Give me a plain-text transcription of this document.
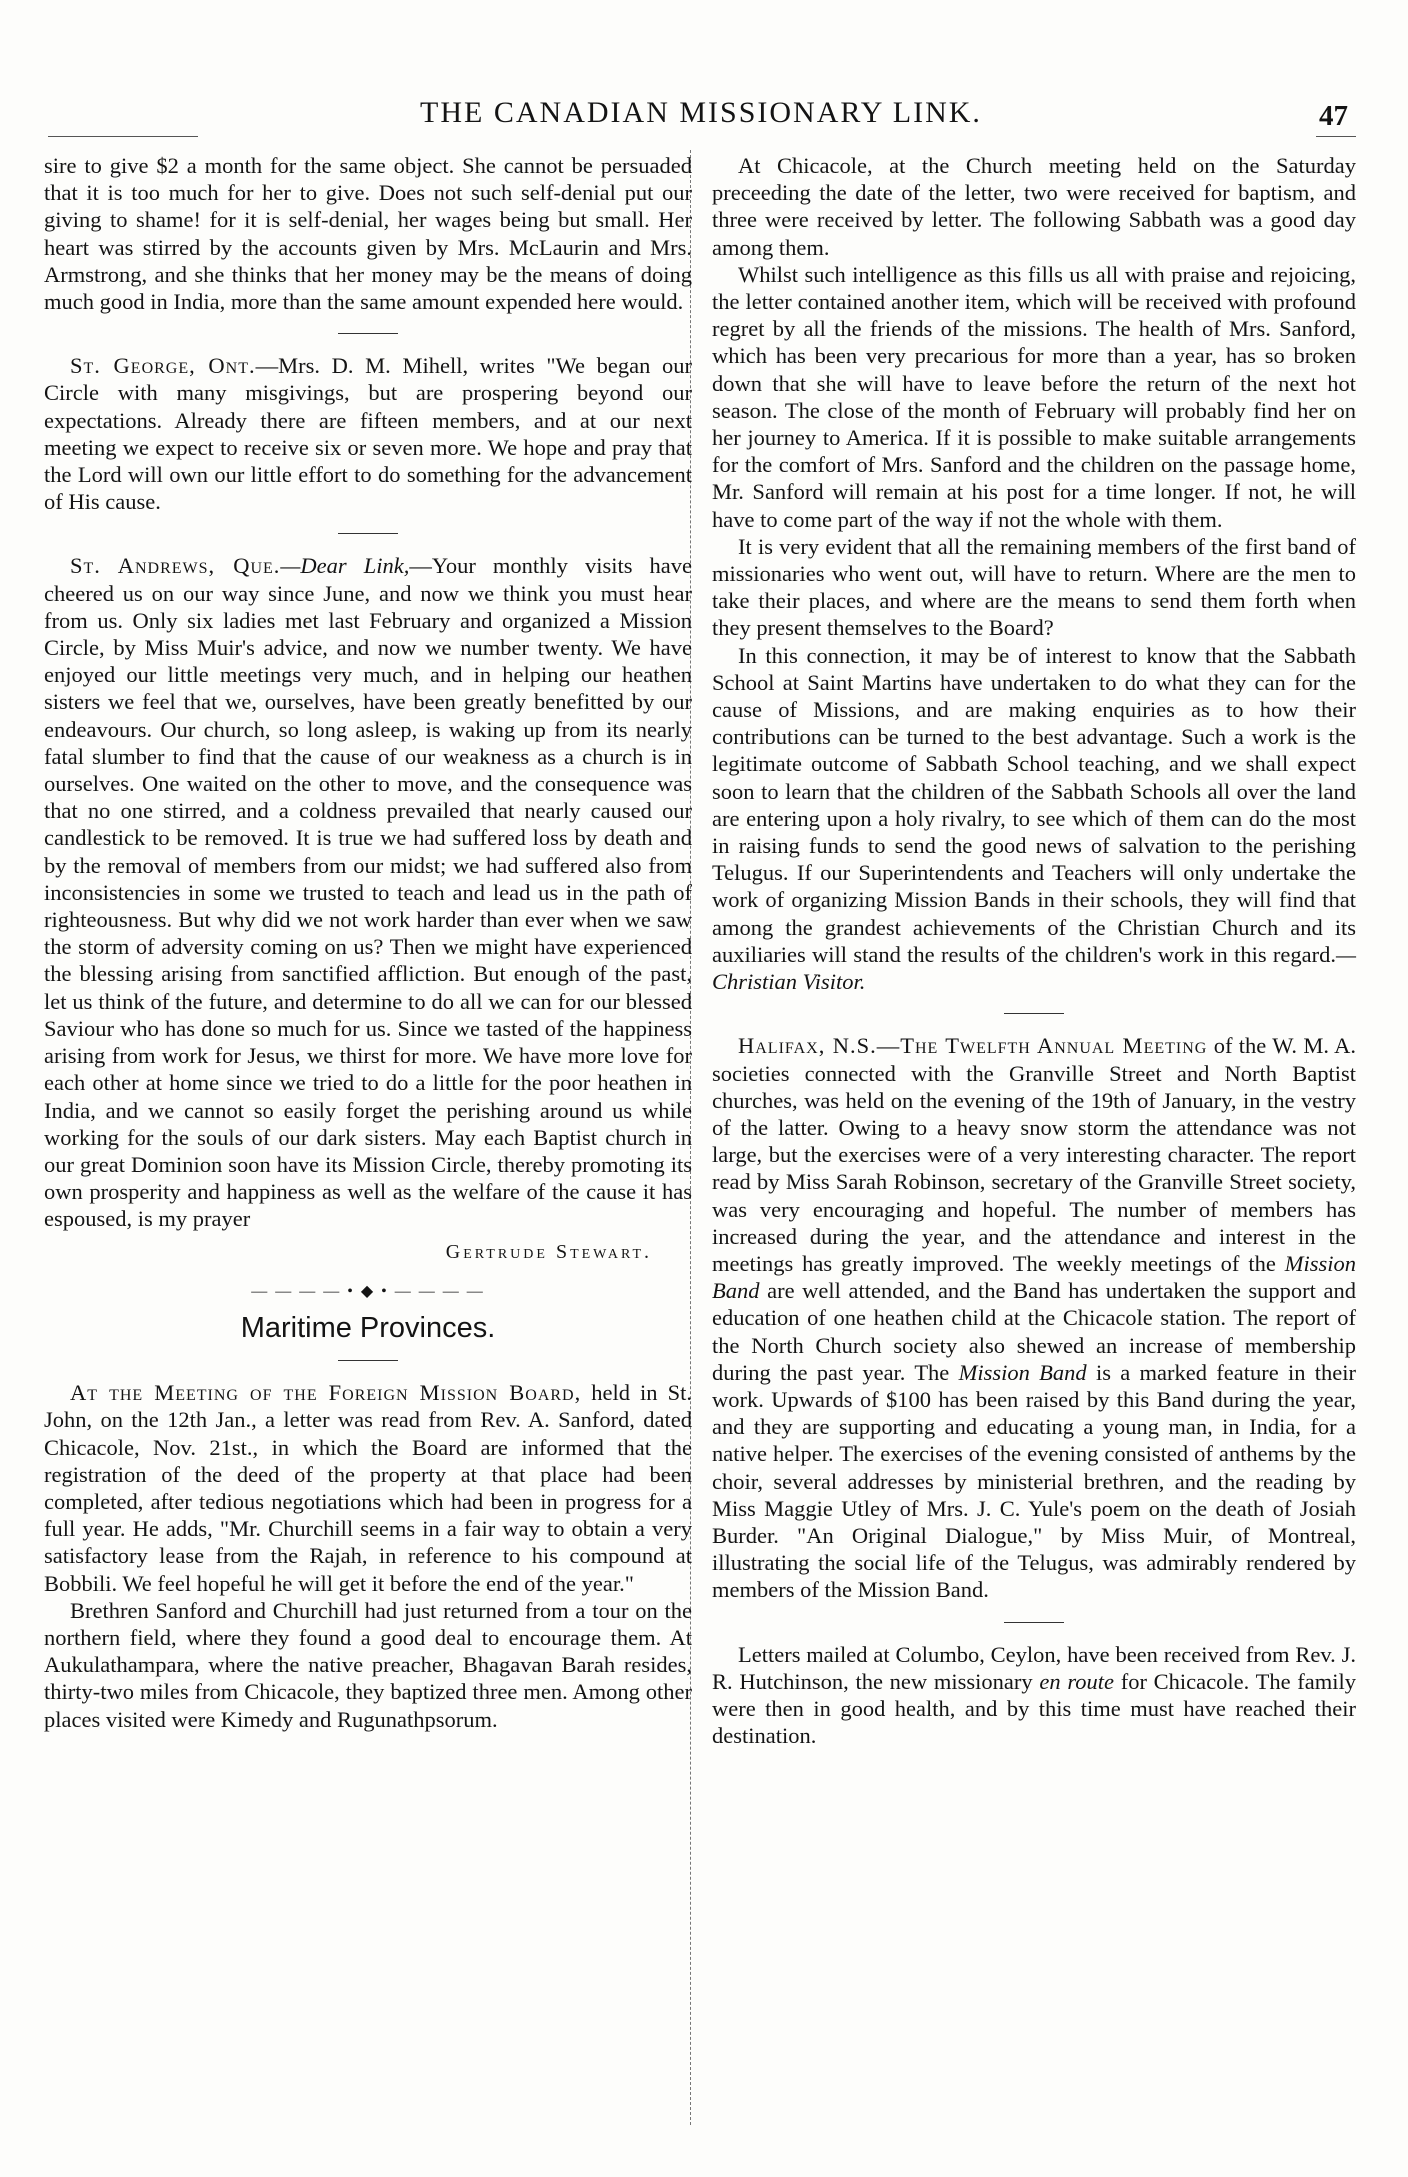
THE CANADIAN MISSIONARY LINK.	47

sire to give $2 a month for the same object. She cannot be persuaded that it is too much for her to give. Does not such self-denial put our giving to shame! for it is self-denial, her wages being but small. Her heart was stirred by the accounts given by Mrs. McLaurin and Mrs. Armstrong, and she thinks that her money may be the means of doing much good in India, more than the same amount expended here would.

St. George, Ont.—Mrs. D. M. Mihell, writes "We began our Circle with many misgivings, but are prospering beyond our expectations. Already there are fifteen members, and at our next meeting we expect to receive six or seven more. We hope and pray that the Lord will own our little effort to do something for the advancement of His cause.

St. Andrews, Que.—Dear Link,—Your monthly visits have cheered us on our way since June, and now we think you must hear from us. Only six ladies met last February and organized a Mission Circle, by Miss Muir's advice, and now we number twenty. We have enjoyed our little meetings very much, and in helping our heathen sisters we feel that we, ourselves, have been greatly benefitted by our endeavours. Our church, so long asleep, is waking up from its nearly fatal slumber to find that the cause of our weakness as a church is in ourselves. One waited on the other to move, and the consequence was that no one stirred, and a coldness prevailed that nearly caused our candlestick to be removed. It is true we had suffered loss by death and by the removal of members from our midst; we had suffered also from inconsistencies in some we trusted to teach and lead us in the path of righteousness. But why did we not work harder than ever when we saw the storm of adversity coming on us? Then we might have experienced the blessing arising from sanctified affliction. But enough of the past, let us think of the future, and determine to do all we can for our blessed Saviour who has done so much for us. Since we tasted of the happiness arising from work for Jesus, we thirst for more. We have more love for each other at home since we tried to do a little for the poor heathen in India, and we cannot so easily forget the perishing around us while working for the souls of our dark sisters. May each Baptist church in our great Dominion soon have its Mission Circle, thereby promoting its own prosperity and happiness as well as the welfare of the cause it has espoused, is my prayer

Gertrude Stewart.
— — — — • ◆ • — — — —
Maritime Provinces.

At the Meeting of the Foreign Mission Board, held in St. John, on the 12th Jan., a letter was read from Rev. A. Sanford, dated Chicacole, Nov. 21st., in which the Board are informed that the registration of the deed of the property at that place had been completed, after tedious negotiations which had been in progress for a full year. He adds, "Mr. Churchill seems in a fair way to obtain a very satisfactory lease from the Rajah, in reference to his compound at Bobbili. We feel hopeful he will get it before the end of the year."

Brethren Sanford and Churchill had just returned from a tour on the northern field, where they found a good deal to encourage them. At Aukulathampara, where the native preacher, Bhagavan Barah resides, thirty-two miles from Chicacole, they baptized three men. Among other places visited were Kimedy and Rugunathpsorum.

At Chicacole, at the Church meeting held on the Saturday preceeding the date of the letter, two were received for baptism, and three were received by letter. The following Sabbath was a good day among them.

Whilst such intelligence as this fills us all with praise and rejoicing, the letter contained another item, which will be received with profound regret by all the friends of the missions. The health of Mrs. Sanford, which has been very precarious for more than a year, has so broken down that she will have to leave before the return of the next hot season. The close of the month of February will probably find her on her journey to America. If it is possible to make suitable arrangements for the comfort of Mrs. Sanford and the children on the passage home, Mr. Sanford will remain at his post for a time longer. If not, he will have to come part of the way if not the whole with them.

It is very evident that all the remaining members of the first band of missionaries who went out, will have to return. Where are the men to take their places, and where are the means to send them forth when they present themselves to the Board?

In this connection, it may be of interest to know that the Sabbath School at Saint Martins have undertaken to do what they can for the cause of Missions, and are making enquiries as to how their contributions can be turned to the best advantage. Such a work is the legitimate outcome of Sabbath School teaching, and we shall expect soon to learn that the children of the Sabbath Schools all over the land are entering upon a holy rivalry, to see which of them can do the most in raising funds to send the good news of salvation to the perishing Telugus. If our Superintendents and Teachers will only undertake the work of organizing Mission Bands in their schools, they will find that among the grandest achievements of the Christian Church and its auxiliaries will stand the results of the children's work in this regard.—Christian Visitor.

Halifax, N.S.—The Twelfth Annual Meeting of the W. M. A. societies connected with the Granville Street and North Baptist churches, was held on the evening of the 19th of January, in the vestry of the latter. Owing to a heavy snow storm the attendance was not large, but the exercises were of a very interesting character. The report read by Miss Sarah Robinson, secretary of the Granville Street society, was very encouraging and hopeful. The number of members has increased during the year, and the attendance and interest in the meetings has greatly improved. The weekly meetings of the Mission Band are well attended, and the Band has undertaken the support and education of one heathen child at the Chicacole station. The report of the North Church society also shewed an increase of membership during the past year. The Mission Band is a marked feature in their work. Upwards of $100 has been raised by this Band during the year, and they are supporting and educating a young man, in India, for a native helper. The exercises of the evening consisted of anthems by the choir, several addresses by ministerial brethren, and the reading by Miss Maggie Utley of Mrs. J. C. Yule's poem on the death of Josiah Burder. "An Original Dialogue," by Miss Muir, of Montreal, illustrating the social life of the Telugus, was admirably rendered by members of the Mission Band.

Letters mailed at Columbo, Ceylon, have been received from Rev. J. R. Hutchinson, the new missionary en route for Chicacole. The family were then in good health, and by this time must have reached their destination.
